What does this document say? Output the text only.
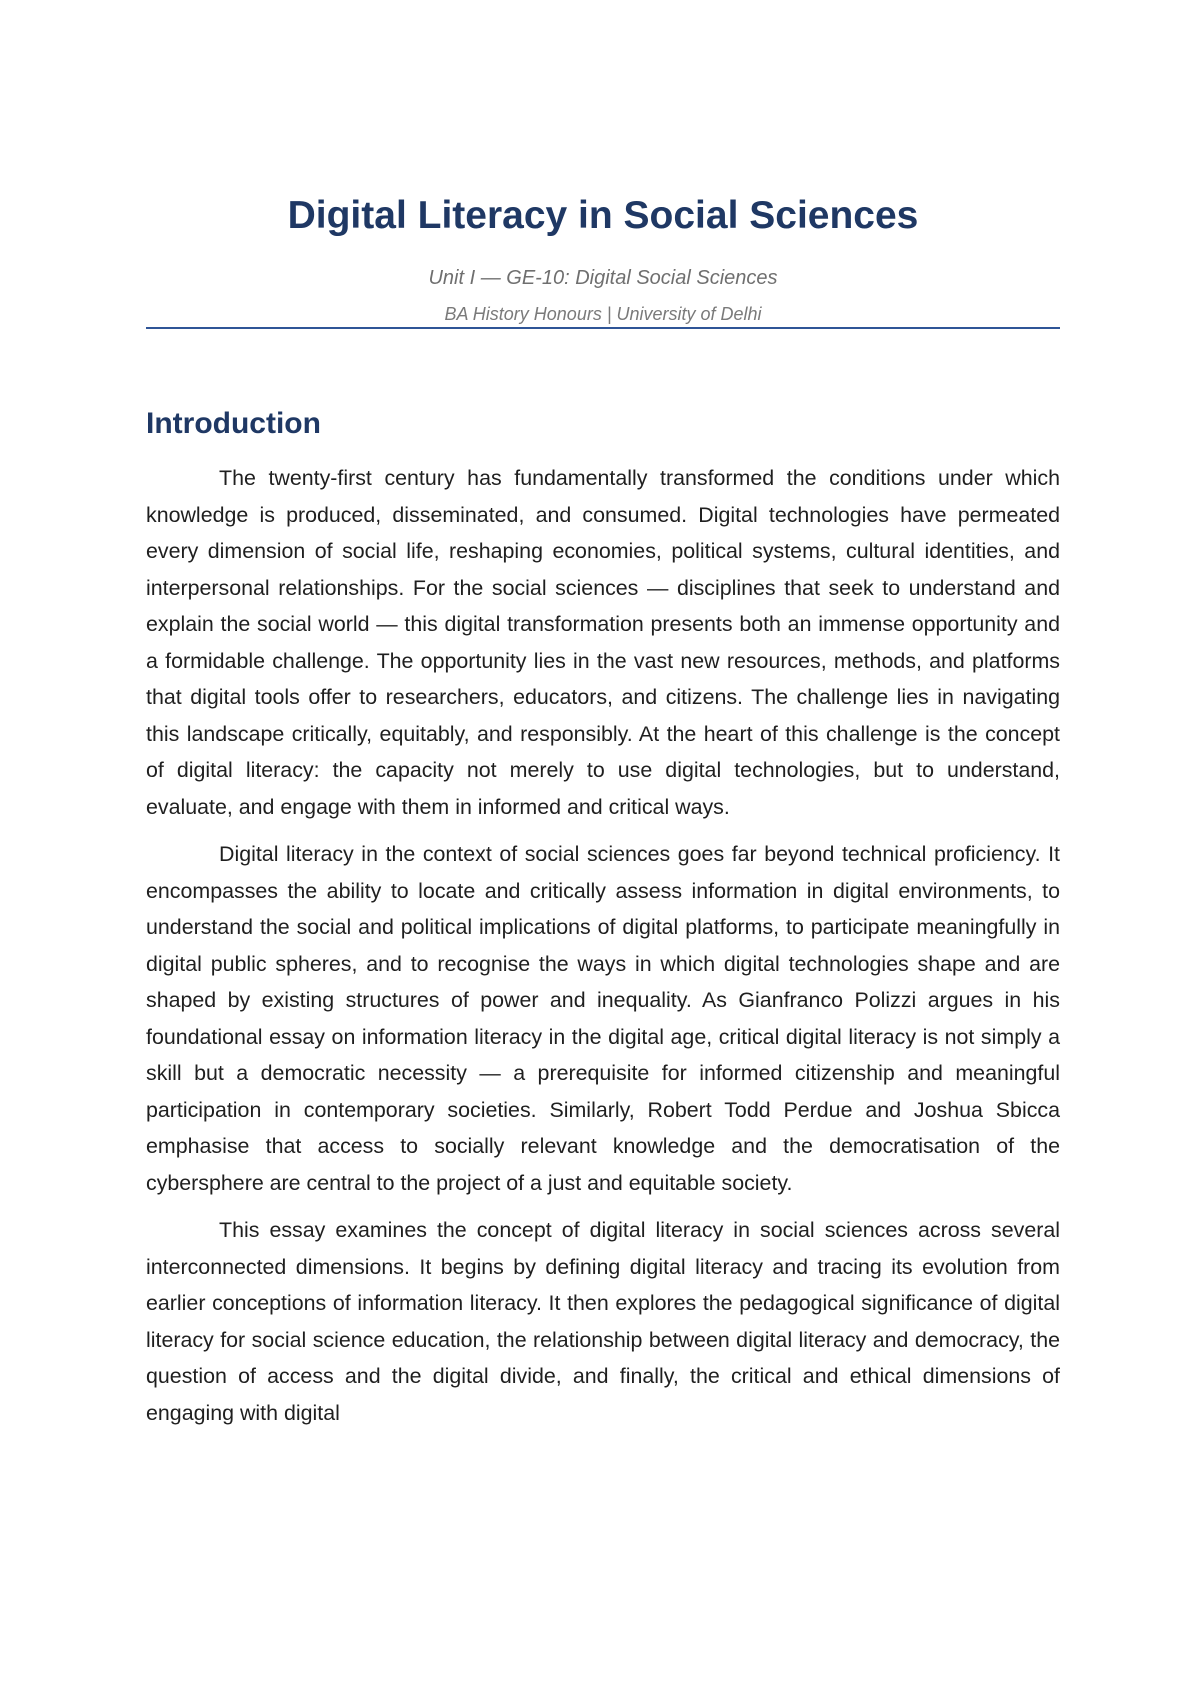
Digital Literacy in Social Sciences

Unit I — GE-10: Digital Social Sciences

BA History Honours | University of Delhi

Introduction

The twenty-first century has fundamentally transformed the conditions under which knowledge is produced, disseminated, and consumed. Digital technologies have permeated every dimension of social life, reshaping economies, political systems, cultural identities, and interpersonal relationships. For the social sciences — disciplines that seek to understand and explain the social world — this digital transformation presents both an immense opportunity and a formidable challenge. The opportunity lies in the vast new resources, methods, and platforms that digital tools offer to researchers, educators, and citizens. The challenge lies in navigating this landscape critically, equitably, and responsibly. At the heart of this challenge is the concept of digital literacy: the capacity not merely to use digital technologies, but to understand, evaluate, and engage with them in informed and critical ways.

Digital literacy in the context of social sciences goes far beyond technical proficiency. It encompasses the ability to locate and critically assess information in digital environments, to understand the social and political implications of digital platforms, to participate meaningfully in digital public spheres, and to recognise the ways in which digital technologies shape and are shaped by existing structures of power and inequality. As Gianfranco Polizzi argues in his foundational essay on information literacy in the digital age, critical digital literacy is not simply a skill but a democratic necessity — a prerequisite for informed citizenship and meaningful participation in contemporary societies. Similarly, Robert Todd Perdue and Joshua Sbicca emphasise that access to socially relevant knowledge and the democratisation of the cybersphere are central to the project of a just and equitable society.

This essay examines the concept of digital literacy in social sciences across several interconnected dimensions. It begins by defining digital literacy and tracing its evolution from earlier conceptions of information literacy. It then explores the pedagogical significance of digital literacy for social science education, the relationship between digital literacy and democracy, the question of access and the digital divide, and finally, the critical and ethical dimensions of engaging with digital
